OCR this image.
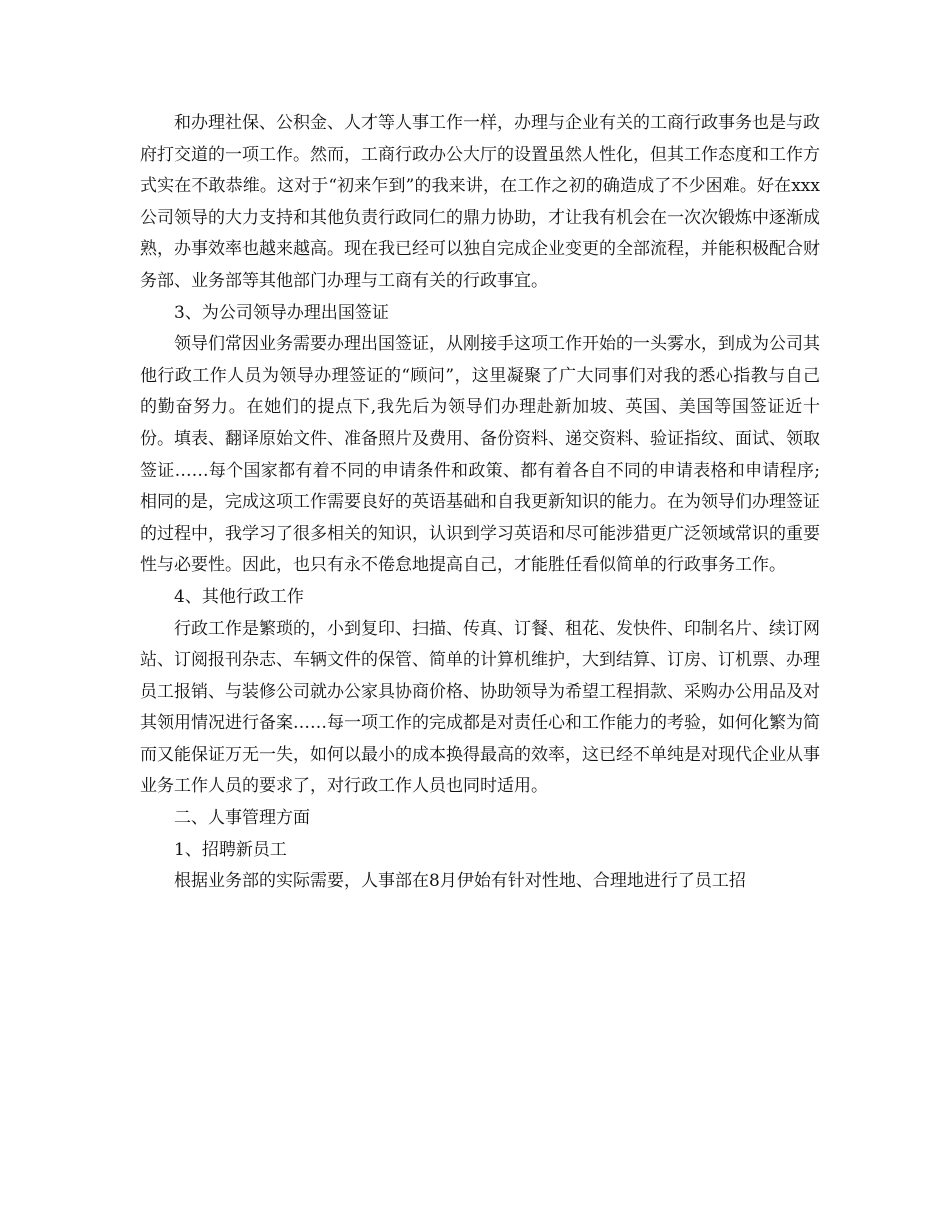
和办理社保、公积金、人才等人事工作一样，办理与企业有关的工商行政事务也是与政府打交道的一项工作。然而，工商行政办公大厅的设置虽然人性化，但其工作态度和工作方式实在不敢恭维。这对于“初来乍到”的我来讲，在工作之初的确造成了不少困难。好在xxx公司领导的大力支持和其他负责行政同仁的鼎力协助，才让我有机会在一次次锻炼中逐渐成熟，办事效率也越来越高。现在我已经可以独自完成企业变更的全部流程，并能积极配合财务部、业务部等其他部门办理与工商有关的行政事宜。

3、为公司领导办理出国签证

领导们常因业务需要办理出国签证，从刚接手这项工作开始的一头雾水，到成为公司其他行政工作人员为领导办理签证的“顾问”，这里凝聚了广大同事们对我的悉心指教与自己的勤奋努力。在她们的提点下,我先后为领导们办理赴新加坡、英国、美国等国签证近十份。填表、翻译原始文件、准备照片及费用、备份资料、递交资料、验证指纹、面试、领取签证……每个国家都有着不同的申请条件和政策、都有着各自不同的申请表格和申请程序;相同的是，完成这项工作需要良好的英语基础和自我更新知识的能力。在为领导们办理签证的过程中，我学习了很多相关的知识，认识到学习英语和尽可能涉猎更广泛领域常识的重要性与必要性。因此，也只有永不倦怠地提高自己，才能胜任看似简单的行政事务工作。

4、其他行政工作

行政工作是繁琐的，小到复印、扫描、传真、订餐、租花、发快件、印制名片、续订网站、订阅报刊杂志、车辆文件的保管、简单的计算机维护，大到结算、订房、订机票、办理员工报销、与装修公司就办公家具协商价格、协助领导为希望工程捐款、采购办公用品及对其领用情况进行备案……每一项工作的完成都是对责任心和工作能力的考验，如何化繁为简而又能保证万无一失，如何以最小的成本换得最高的效率，这已经不单纯是对现代企业从事业务工作人员的要求了，对行政工作人员也同时适用。

二、人事管理方面

1、招聘新员工

根据业务部的实际需要，人事部在8月伊始有针对性地、合理地进行了员工招
